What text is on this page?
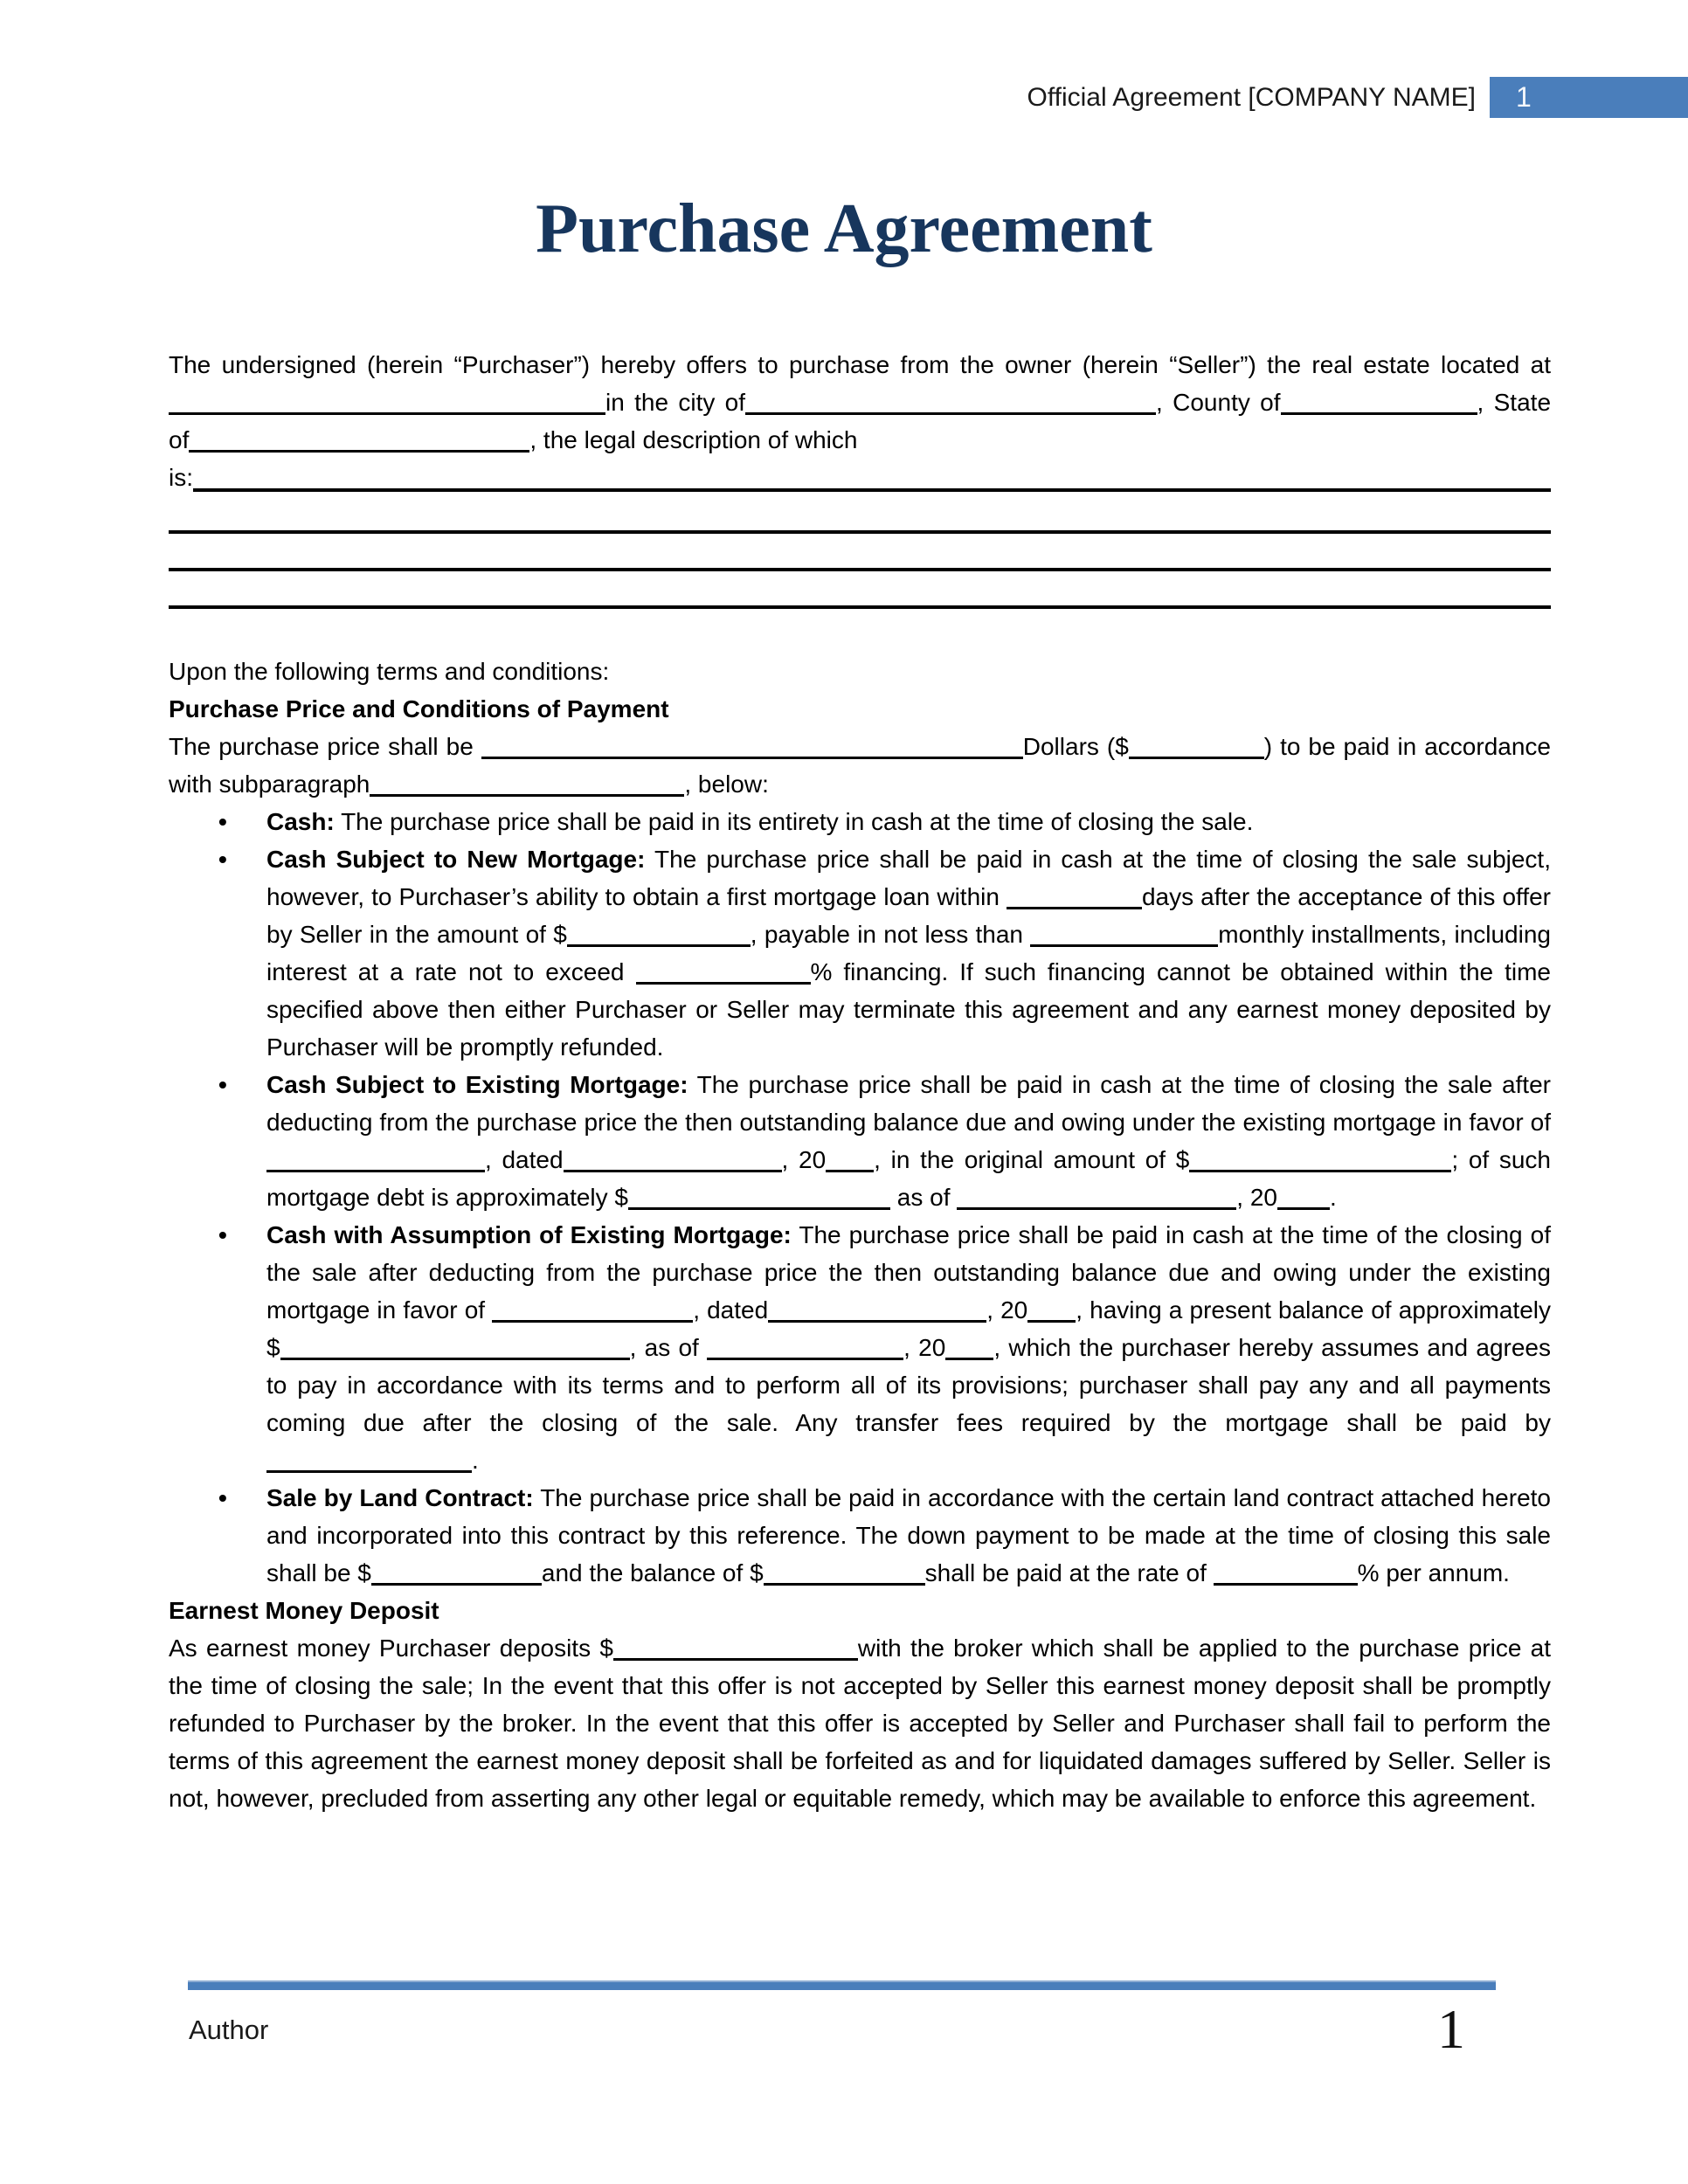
Official Agreement [COMPANY NAME] 1
Purchase Agreement

The undersigned (herein “Purchaser”) hereby offers to purchase from the owner (herein “Seller”) the real estate located at in the city of	, County of	, State of	, the legal description of which

is:

Upon the following terms and conditions:

Purchase Price and Conditions of Payment

The purchase price shall be	Dollars ($	) to be paid in accordance with subparagraph	, below:

• Cash: The purchase price shall be paid in its entirety in cash at the time of closing the sale.
• Cash Subject to New Mortgage: The purchase price shall be paid in cash at the time of closing the sale subject, however, to Purchaser’s ability to obtain a first mortgage loan within	days after the acceptance of this offer by Seller in the amount of $	, payable in not less than	monthly installments, including interest at a rate not to exceed	% financing. If such financing cannot be obtained within the time specified above then either Purchaser or Seller may terminate this agreement and any earnest money deposited by Purchaser will be promptly refunded.
• Cash Subject to Existing Mortgage: The purchase price shall be paid in cash at the time of closing the sale after deducting from the purchase price the then outstanding balance due and owing under the existing mortgage in favor of , dated	, 20 , in the original amount of $	; of such mortgage debt is approximately $	as of	, 20 .
• Cash with Assumption of Existing Mortgage: The purchase price shall be paid in cash at the time of the closing of the sale after deducting from the purchase price the then outstanding balance due and owing under the existing mortgage in favor of	, dated	, 20 , having a present balance of approximately $	, as of	, 20 , which the purchaser hereby assumes and agrees to pay in accordance with its terms and to perform all of its provisions; purchaser shall pay any and all payments coming due after the closing of the sale. Any transfer fees required by the mortgage shall be paid by.
• Sale by Land Contract: The purchase price shall be paid in accordance with the certain land contract attached hereto and incorporated into this contract by this reference. The down payment to be made at the time of closing this sale shall be $	and the balance of $	shall be paid at the rate of	% per annum.

Earnest Money Deposit

As earnest money Purchaser deposits $	with the broker which shall be applied to the purchase price at the time of closing the sale; In the event that this offer is not accepted by Seller this earnest money deposit shall be promptly refunded to Purchaser by the broker. In the event that this offer is accepted by Seller and Purchaser shall fail to perform the terms of this agreement the earnest money deposit shall be forfeited as and for liquidated damages suffered by Seller. Seller is not, however, precluded from asserting any other legal or equitable remedy, which may be available to enforce this agreement.

Author	1
